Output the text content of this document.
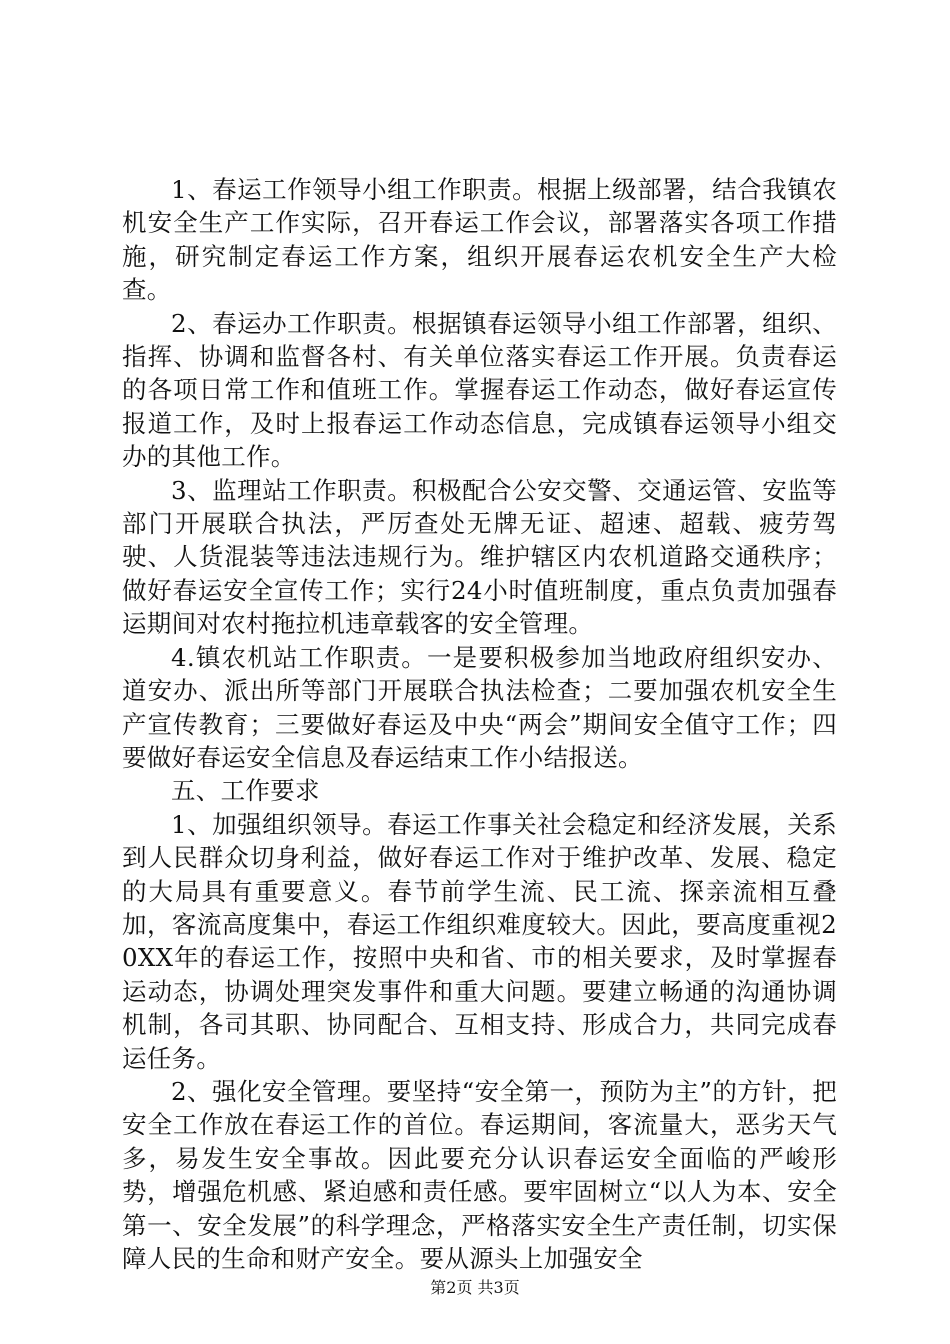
1、春运工作领导小组工作职责。根据上级部署，结合我镇农机安全生产工作实际，召开春运工作会议，部署落实各项工作措施，研究制定春运工作方案，组织开展春运农机安全生产大检查。

2、春运办工作职责。根据镇春运领导小组工作部署，组织、指挥、协调和监督各村、有关单位落实春运工作开展。负责春运的各项日常工作和值班工作。掌握春运工作动态，做好春运宣传报道工作，及时上报春运工作动态信息，完成镇春运领导小组交办的其他工作。

3、监理站工作职责。积极配合公安交警、交通运管、安监等部门开展联合执法，严厉查处无牌无证、超速、超载、疲劳驾驶、人货混装等违法违规行为。维护辖区内农机道路交通秩序；做好春运安全宣传工作；实行24小时值班制度，重点负责加强春运期间对农村拖拉机违章载客的安全管理。

4.镇农机站工作职责。一是要积极参加当地政府组织安办、道安办、派出所等部门开展联合执法检查；二要加强农机安全生产宣传教育；三要做好春运及中央“两会”期间安全值守工作；四要做好春运安全信息及春运结束工作小结报送。

五、工作要求

1、加强组织领导。春运工作事关社会稳定和经济发展，关系到人民群众切身利益，做好春运工作对于维护改革、发展、稳定的大局具有重要意义。春节前学生流、民工流、探亲流相互叠加，客流高度集中，春运工作组织难度较大。因此，要高度重视20XX年的春运工作，按照中央和省、市的相关要求，及时掌握春运动态，协调处理突发事件和重大问题。要建立畅通的沟通协调机制，各司其职、协同配合、互相支持、形成合力，共同完成春运任务。

2、强化安全管理。要坚持“安全第一，预防为主”的方针，把安全工作放在春运工作的首位。春运期间，客流量大，恶劣天气多，易发生安全事故。因此要充分认识春运安全面临的严峻形势，增强危机感、紧迫感和责任感。要牢固树立“以人为本、安全第一、安全发展”的科学理念，严格落实安全生产责任制，切实保障人民的生命和财产安全。要从源头上加强安全

第2页 共3页
